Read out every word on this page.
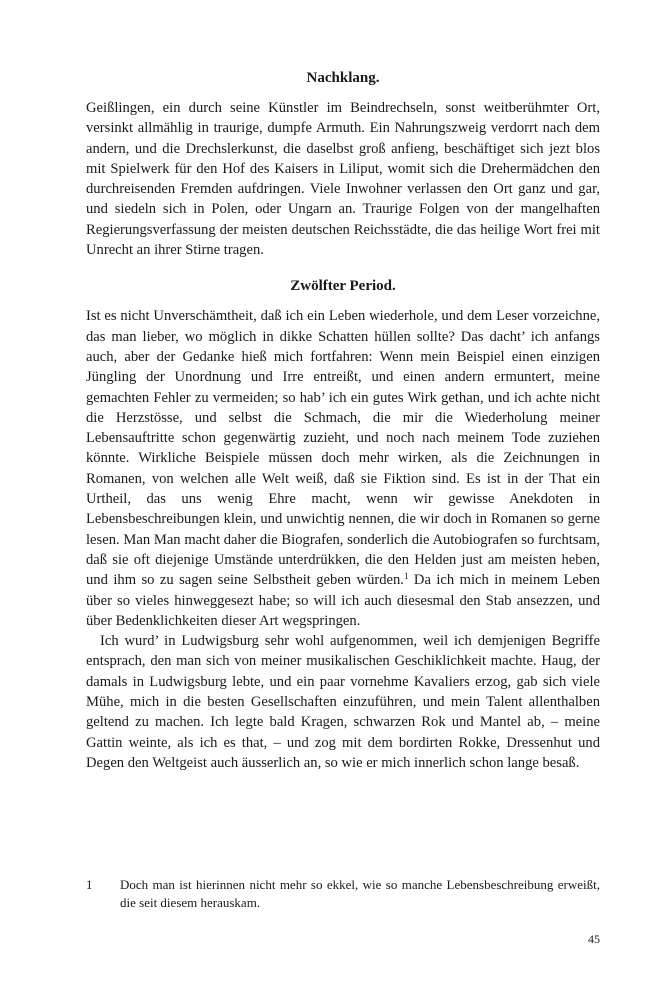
Nachklang.

Geißlingen, ein durch seine Künstler im Beindrechseln, sonst weitberühmter Ort, versinkt allmählig in traurige, dumpfe Armuth. Ein Nahrungszweig verdorrt nach dem andern, und die Drechslerkunst, die daselbst groß anfieng, beschäftiget sich jezt blos mit Spielwerk für den Hof des Kaisers in Liliput, womit sich die Drehermädchen den durchreisenden Fremden aufdringen. Viele Inwohner verlassen den Ort ganz und gar, und siedeln sich in Polen, oder Ungarn an. Traurige Folgen von der mangelhaften Regierungsverfassung der meisten deutschen Reichsstädte, die das heilige Wort frei mit Unrecht an ihrer Stirne tragen.

Zwölfter Period.

Ist es nicht Unverschämtheit, daß ich ein Leben wiederhole, und dem Leser vorzeichne, das man lieber, wo möglich in dikke Schatten hüllen sollte? Das dacht’ ich anfangs auch, aber der Gedanke hieß mich fortfahren: Wenn mein Beispiel einen einzigen Jüngling der Unordnung und Irre entreißt, und einen andern ermuntert, meine gemachten Fehler zu vermeiden; so hab’ ich ein gutes Wirk gethan, und ich achte nicht die Herzstösse, und selbst die Schmach, die mir die Wiederholung meiner Lebensauftritte schon gegenwärtig zuzieht, und noch nach meinem Tode zuziehen könnte. Wirkliche Beispiele müssen doch mehr wirken, als die Zeichnungen in Romanen, von welchen alle Welt weiß, daß sie Fiktion sind. Es ist in der That ein Urtheil, das uns wenig Ehre macht, wenn wir gewisse Anekdoten in Lebensbeschreibungen klein, und unwichtig nennen, die wir doch in Romanen so gerne lesen. Man Man macht daher die Biografen, sonderlich die Autobiografen so furchtsam, daß sie oft diejenige Umstände unterdrükken, die den Helden just am meisten heben, und ihm so zu sagen seine Selbstheit geben würden.$^1$ Da ich mich in meinem Leben über so vieles hinweggesezt habe; so will ich auch diesesmal den Stab ansezzen, und über Bedenklichkeiten dieser Art wegspringen.

Ich wurd’ in Ludwigsburg sehr wohl aufgenommen, weil ich demjenigen Begriffe entsprach, den man sich von meiner musikalischen Geschiklichkeit machte. Haug, der damals in Ludwigsburg lebte, und ein paar vornehme Kavaliers erzog, gab sich viele Mühe, mich in die besten Gesellschaften einzuführen, und mein Talent allenthalben geltend zu machen. Ich legte bald Kragen, schwarzen Rok und Mantel ab, – meine Gattin weinte, als ich es that, – und zog mit dem bordirten Rokke, Dressenhut und Degen den Weltgeist auch äusserlich an, so wie er mich innerlich schon lange besaß.

1	Doch man ist hierinnen nicht mehr so ekkel, wie so manche Lebensbeschreibung erweißt, die seit diesem herauskam.
45
